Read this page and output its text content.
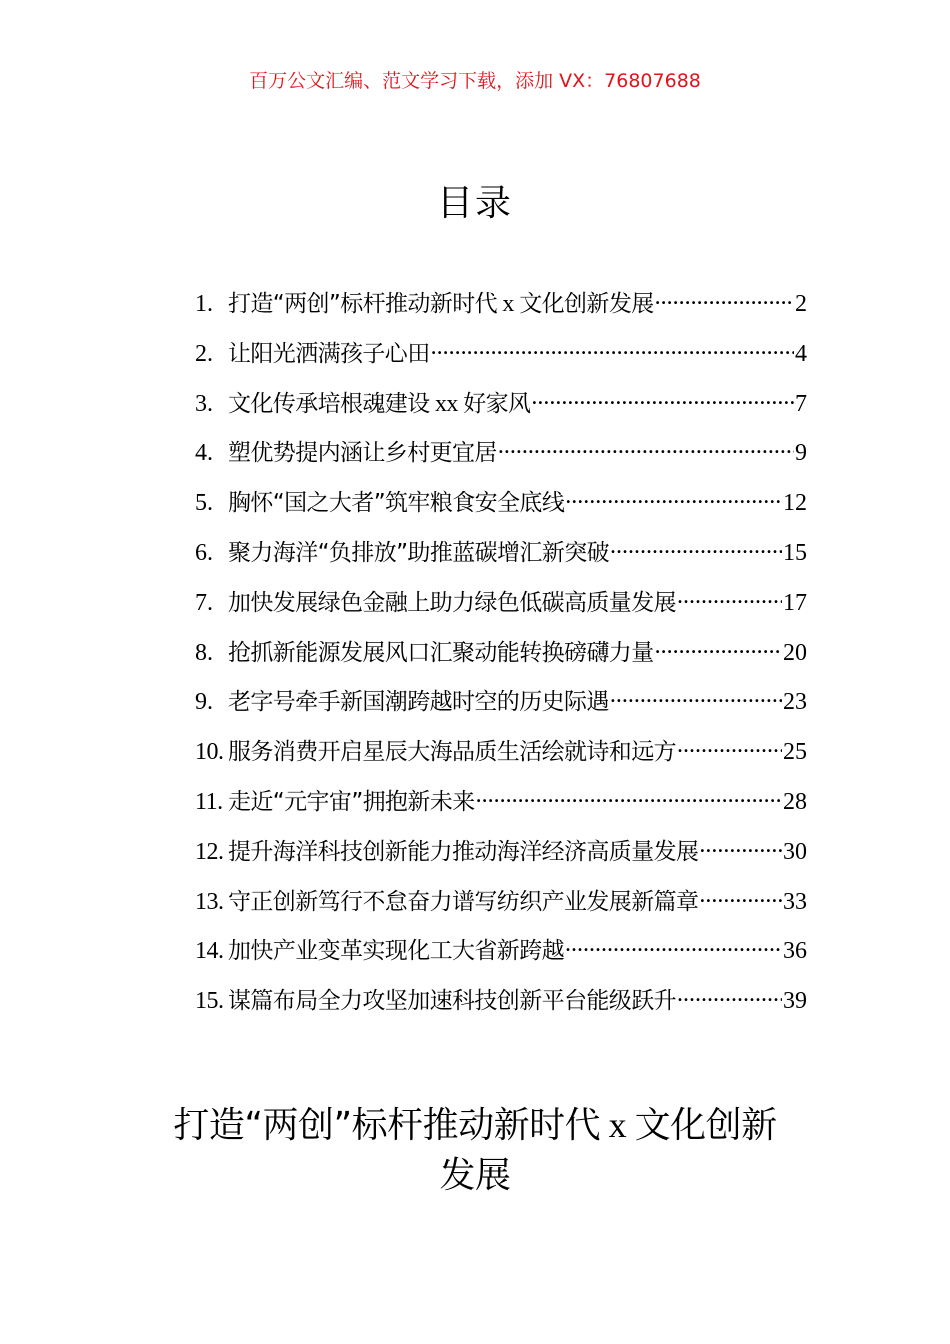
百万公文汇编、范文学习下载，添加 VX：76807688
目录
1. 打造“两创”标杆推动新时代 x 文化创新发展 .....	2
2. 让阳光洒满孩子心田 .....	4
3. 文化传承培根魂建设 xx 好家风 .....	7
4. 塑优势提内涵让乡村更宜居 .....	9
5. 胸怀“国之大者”筑牢粮食安全底线 .....	12
6. 聚力海洋“负排放”助推蓝碳增汇新突破 .....	15
7. 加快发展绿色金融上助力绿色低碳高质量发展 .....	17
8. 抢抓新能源发展风口汇聚动能转换磅礴力量 .....	20
9. 老字号牵手新国潮跨越时空的历史际遇 .....	23
10. 服务消费开启星辰大海品质生活绘就诗和远方 .....	25
11. 走近“元宇宙”拥抱新未来 .....	28
12. 提升海洋科技创新能力推动海洋经济高质量发展 .....	30
13. 守正创新笃行不怠奋力谱写纺织产业发展新篇章 .....	33
14. 加快产业变革实现化工大省新跨越 .....	36
15. 谋篇布局全力攻坚加速科技创新平台能级跃升 .....	39
打造“两创”标杆推动新时代 x 文化创新
发展
